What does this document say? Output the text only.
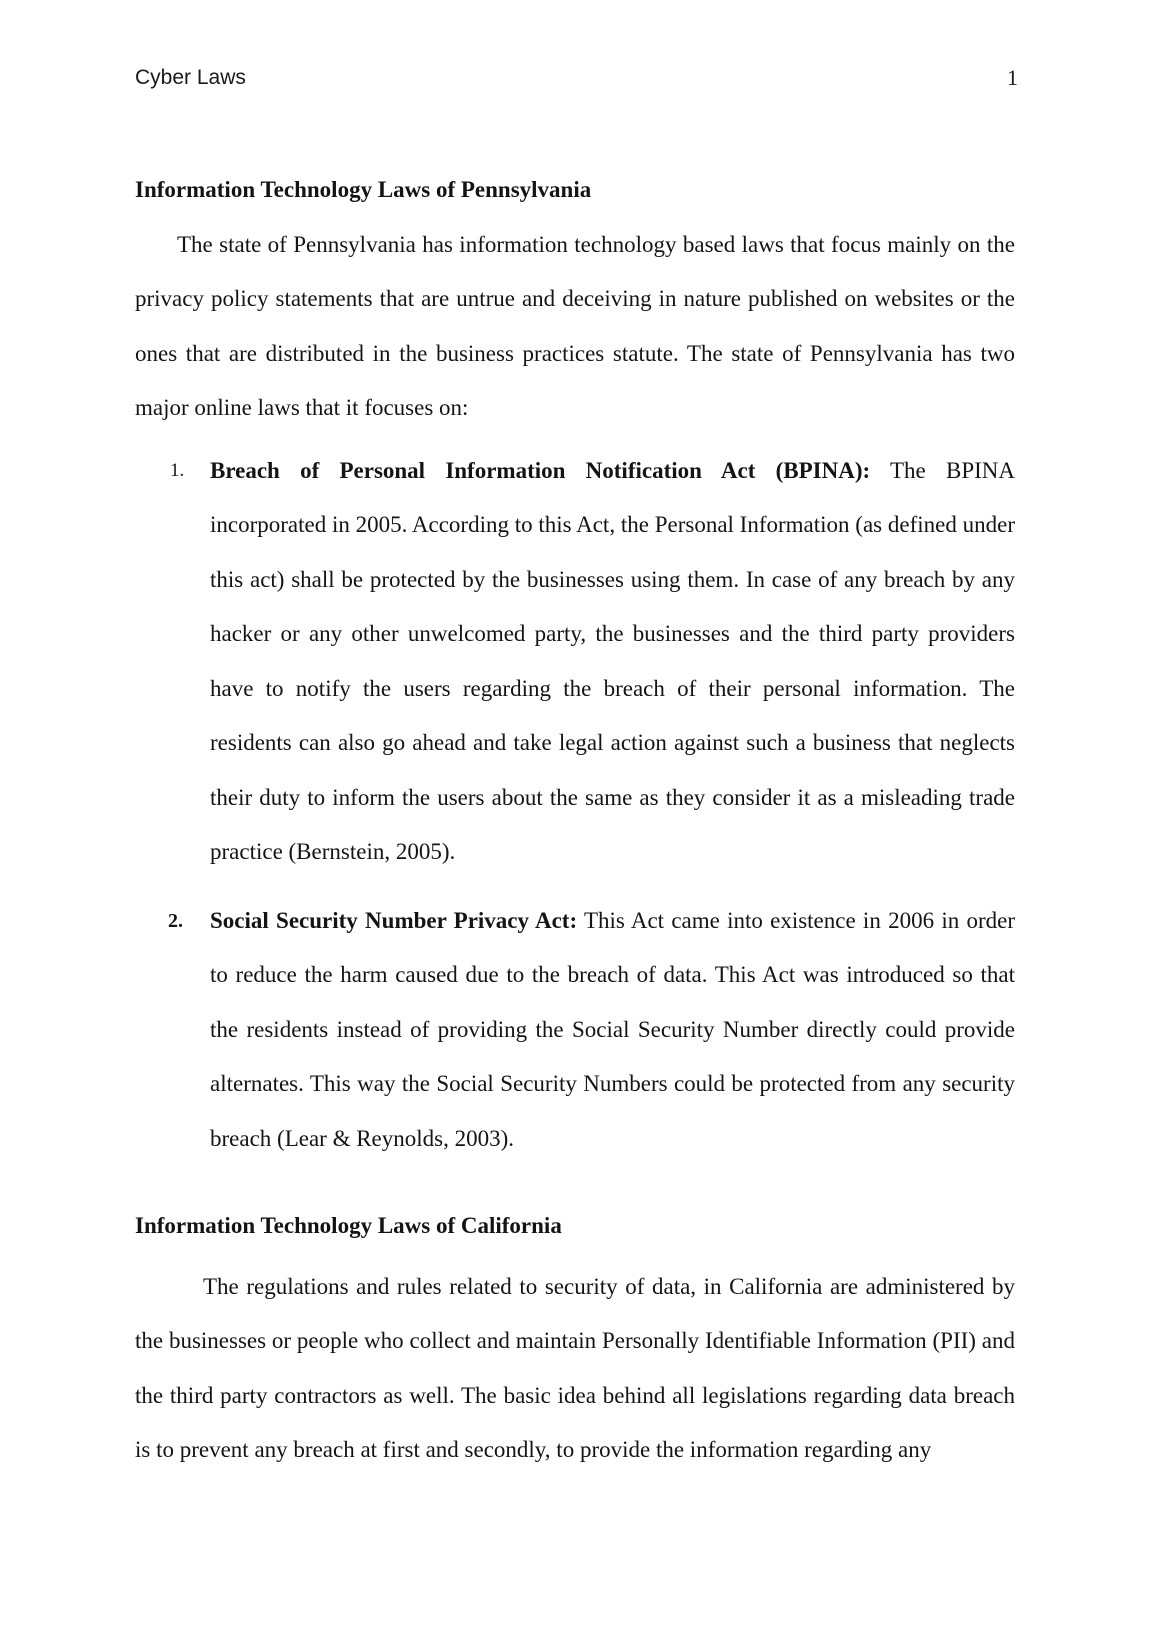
Cyber Laws	1
Information Technology Laws of Pennsylvania

The state of Pennsylvania has information technology based laws that focus mainly on the privacy policy statements that are untrue and deceiving in nature published on websites or the ones that are distributed in the business practices statute. The state of Pennsylvania has two major online laws that it focuses on:

1. Breach of Personal Information Notification Act (BPINA): The BPINA incorporated in 2005. According to this Act, the Personal Information (as defined under this act) shall be protected by the businesses using them. In case of any breach by any hacker or any other unwelcomed party, the businesses and the third party providers have to notify the users regarding the breach of their personal information. The residents can also go ahead and take legal action against such a business that neglects their duty to inform the users about the same as they consider it as a misleading trade practice (Bernstein, 2005).
2. Social Security Number Privacy Act: This Act came into existence in 2006 in order to reduce the harm caused due to the breach of data. This Act was introduced so that the residents instead of providing the Social Security Number directly could provide alternates. This way the Social Security Numbers could be protected from any security breach (Lear & Reynolds, 2003).
Information Technology Laws of California

The regulations and rules related to security of data, in California are administered by the businesses or people who collect and maintain Personally Identifiable Information (PII) and the third party contractors as well. The basic idea behind all legislations regarding data breach is to prevent any breach at first and secondly, to provide the information regarding any
